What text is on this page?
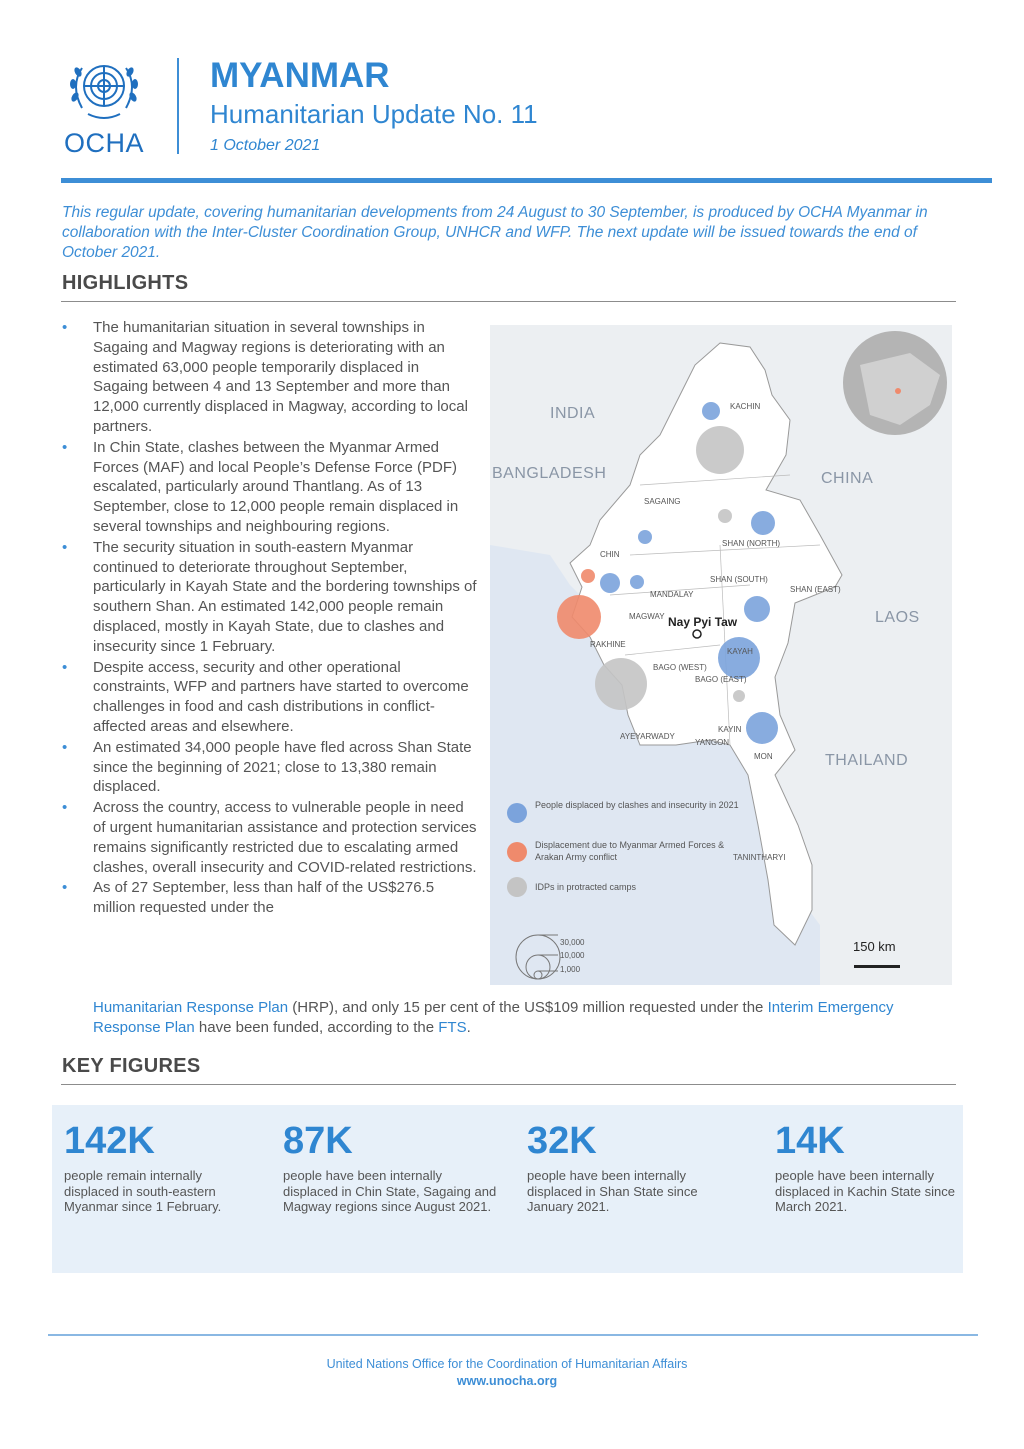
OCHA
MYANMAR
Humanitarian Update No. 11
1 October 2021
This regular update, covering humanitarian developments from 24 August to 30 September, is produced by OCHA Myanmar in collaboration with the Inter-Cluster Coordination Group, UNHCR and WFP. The next update will be issued towards the end of October 2021.
HIGHLIGHTS
• The humanitarian situation in several townships in Sagaing and Magway regions is deteriorating with an estimated 63,000 people temporarily displaced in Sagaing between 4 and 13 September and more than 12,000 currently displaced in Magway, according to local partners.
• In Chin State, clashes between the Myanmar Armed Forces (MAF) and local People’s Defense Force (PDF) escalated, particularly around Thantlang. As of 13 September, close to 12,000 people remain displaced in several townships and neighbouring regions.
• The security situation in south-eastern Myanmar continued to deteriorate throughout September, particularly in Kayah State and the bordering townships of southern Shan. An estimated 142,000 people remain displaced, mostly in Kayah State, due to clashes and insecurity since 1 February.
• Despite access, security and other operational constraints, WFP and partners have started to overcome challenges in food and cash distributions in conflict-affected areas and elsewhere.
• An estimated 34,000 people have fled across Shan State since the beginning of 2021; close to 13,380 remain displaced.
• Across the country, access to vulnerable people in need of urgent humanitarian assistance and protection services remains significantly restricted due to escalating armed clashes, overall insecurity and COVID-related restrictions.
• As of 27 September, less than half of the US$276.5 million requested under the
Humanitarian Response Plan (HRP), and only 15 per cent of the US$109 million requested under the Interim Emergency Response Plan have been funded, according to the FTS.
INDIA
BANGLADESH	CHINA
LAOS
THAILAND
KACHIN
SAGAING
SHAN (NORTH)
SHAN (SOUTH)
SHAN (EAST)
CHIN
MANDALAY
MAGWAY
RAKHINE
BAGO (WEST)
BAGO (EAST)
KAYAH
KAYIN
MON
AYEYARWADY
YANGON
TANINTHARYI
Nay Pyi Taw
People displaced by clashes and insecurity in 2021
Displacement due to Myanmar Armed Forces & Arakan Army conflict
IDPs in protracted camps
30,000
10,000
1,000
150 km
KEY FIGURES
142K
people remain internally displaced in south-eastern Myanmar since 1 February.
87K
people have been internally displaced in Chin State, Sagaing and Magway regions since August 2021.
32K
people have been internally displaced in Shan State since January 2021.
14K
people have been internally displaced in Kachin State since March 2021.
United Nations Office for the Coordination of Humanitarian Affairs
www.unocha.org
